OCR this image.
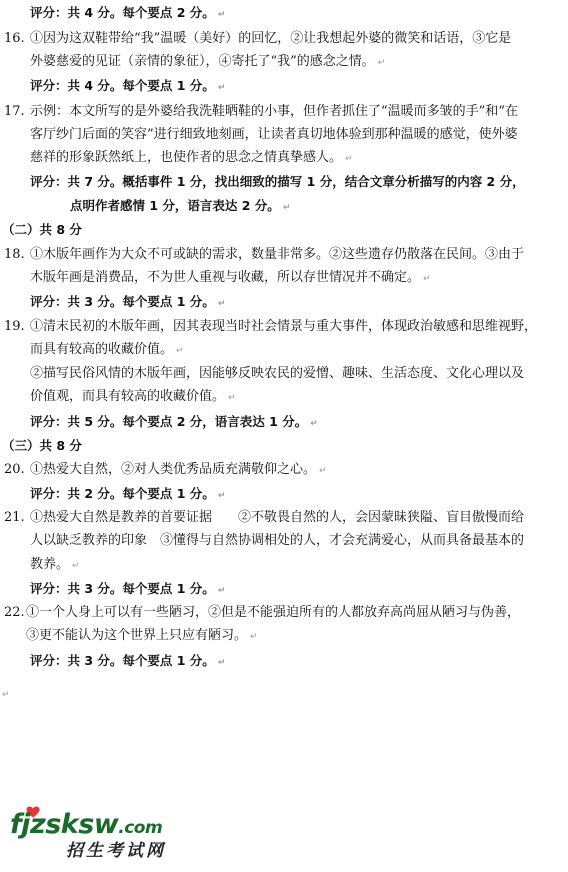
评分：共 4 分。每个要点 2 分。 ↵
16. ①因为这双鞋带给“我”温暖（美好）的回忆，②让我想起外婆的微笑和话语，③它是
外婆慈爱的见证（亲情的象征），④寄托了“我”的感念之情。 ↵
评分：共 4 分。每个要点 1 分。 ↵
17. 示例：本文所写的是外婆给我洗鞋晒鞋的小事，但作者抓住了“温暖而多皱的手”和“在
客厅纱门后面的笑容”进行细致地刻画，让读者真切地体验到那种温暖的感觉，使外婆
慈祥的形象跃然纸上，也使作者的思念之情真挚感人。 ↵
评分：共 7 分。概括事件 1 分，找出细致的描写 1 分，结合文章分析描写的内容 2 分，
点明作者感情 1 分，语言表达 2 分。 ↵
（二）共 8 分
18. ①木版年画作为大众不可或缺的需求，数量非常多。②这些遗存仍散落在民间。③由于
木版年画是消费品，不为世人重视与收藏，所以存世情况并不确定。 ↵
评分：共 3 分。每个要点 1 分。 ↵
19. ①清末民初的木版年画，因其表现当时社会情景与重大事件，体现政治敏感和思维视野，
而具有较高的收藏价值。 ↵
②描写民俗风情的木版年画，因能够反映农民的爱憎、趣味、生活态度、文化心理以及
价值观，而具有较高的收藏价值。 ↵
评分：共 5 分。每个要点 2 分，语言表达 1 分。 ↵
（三）共 8 分
20. ①热爱大自然，②对人类优秀品质充满敬仰之心。 ↵
评分：共 2 分。每个要点 1 分。 ↵
21. ①热爱大自然是教养的首要证据　　②不敬畏自然的人，会因蒙昧狭隘、盲目傲慢而给
人以缺乏教养的印象　③懂得与自然协调相处的人，才会充满爱心，从而具备最基本的
教养。 ↵
评分：共 3 分。每个要点 1 分。 ↵
22. ①一个人身上可以有一些陋习，②但是不能强迫所有的人都放弃高尚屈从陋习与伪善，
③更不能认为这个世界上只应有陋习。 ↵
评分：共 3 分。每个要点 1 分。 ↵
↵
fjzsksw.com
招生考试网
